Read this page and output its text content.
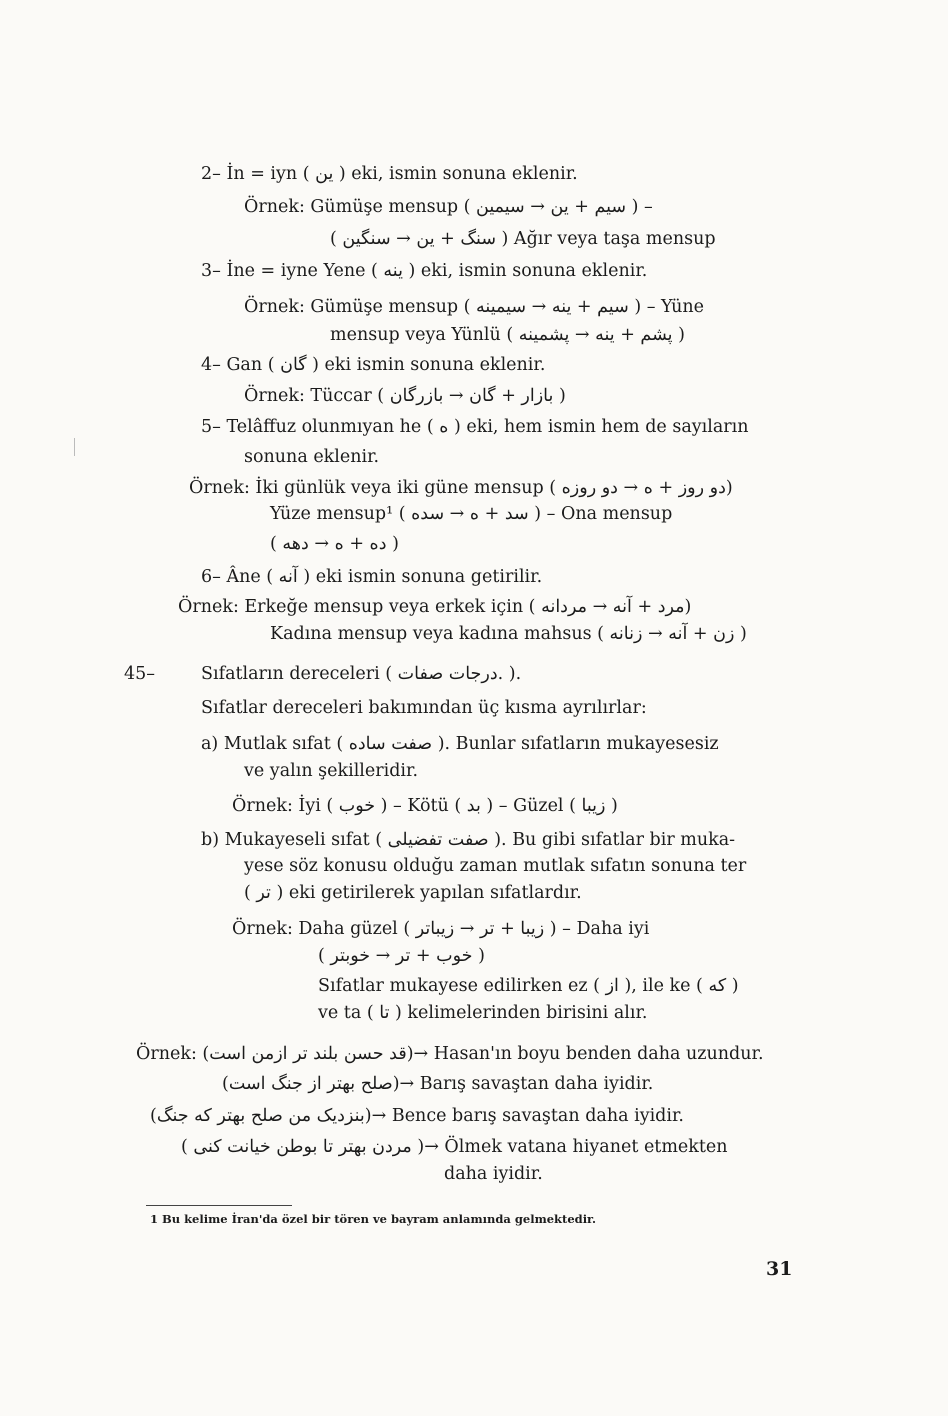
1 Bu kelime İran'da özel bir tören ve bayram anlamında gelmektedir.
31
2– İn = iyn ( ین ) eki, ismin sonuna eklenir.
Örnek: Gümüşe mensup ( سیم + ین → سیمین ) –
( سنگ + ین → سنگین ) Ağır veya taşa mensup
3– İne = iyne Yene ( ینه ) eki, ismin sonuna eklenir.
Örnek: Gümüşe mensup ( سیم + ینه → سیمینه ) – Yüne
mensup veya Yünlü ( پشم + ینه → پشمینه )
4– Gan ( گان ) eki ismin sonuna eklenir.
Örnek: Tüccar ( بازار + گان → بازرگان )
5– Telâffuz olunmıyan he ( ه ) eki, hem ismin hem de sayıların
sonuna eklenir.
Örnek: İki günlük veya iki güne mensup ( دو روز + ه → دو روزه)
Yüze mensup¹ ( سد + ه → سده ) – Ona mensup
( ده + ه → دهه )
6– Âne ( آنه ) eki ismin sonuna getirilir.
Örnek: Erkeğe mensup veya erkek için ( مرد + آنه → مردانه)
Kadına mensup veya kadına mahsus ( زن + آنه → زنانه )
45–	Sıfatların dereceleri ( درجات صفات. ).
Sıfatlar dereceleri bakımından üç kısma ayrılırlar:
a) Mutlak sıfat ( صفت ساده ). Bunlar sıfatların mukayesesiz
ve yalın şekilleridir.
Örnek: İyi ( خوب ) – Kötü ( بد ) – Güzel ( زیبا )
b) Mukayeseli sıfat ( صفت تفضیلی ). Bu gibi sıfatlar bir muka-
yese söz konusu olduğu zaman mutlak sıfatın sonuna ter
( تر ) eki getirilerek yapılan sıfatlardır.
Örnek: Daha güzel ( زیبا + تر → زیباتر ) – Daha iyi
( خوب + تر → خوبتر )
Sıfatlar mukayese edilirken ez ( از ), ile ke ( که )
ve ta ( تا ) kelimelerinden birisini alır.
Örnek: (قد حسن بلند تر ازمن است)→ Hasan'ın boyu benden daha uzundur.
(صلح بهتر از جنگ است)→ Barış savaştan daha iyidir.
(بنزدیک من صلح بهتر که جنگ)→ Bence barış savaştan daha iyidir.
( مردن بهتر تا بوطن خیانت کنی )→ Ölmek vatana hiyanet etmekten
daha iyidir.
